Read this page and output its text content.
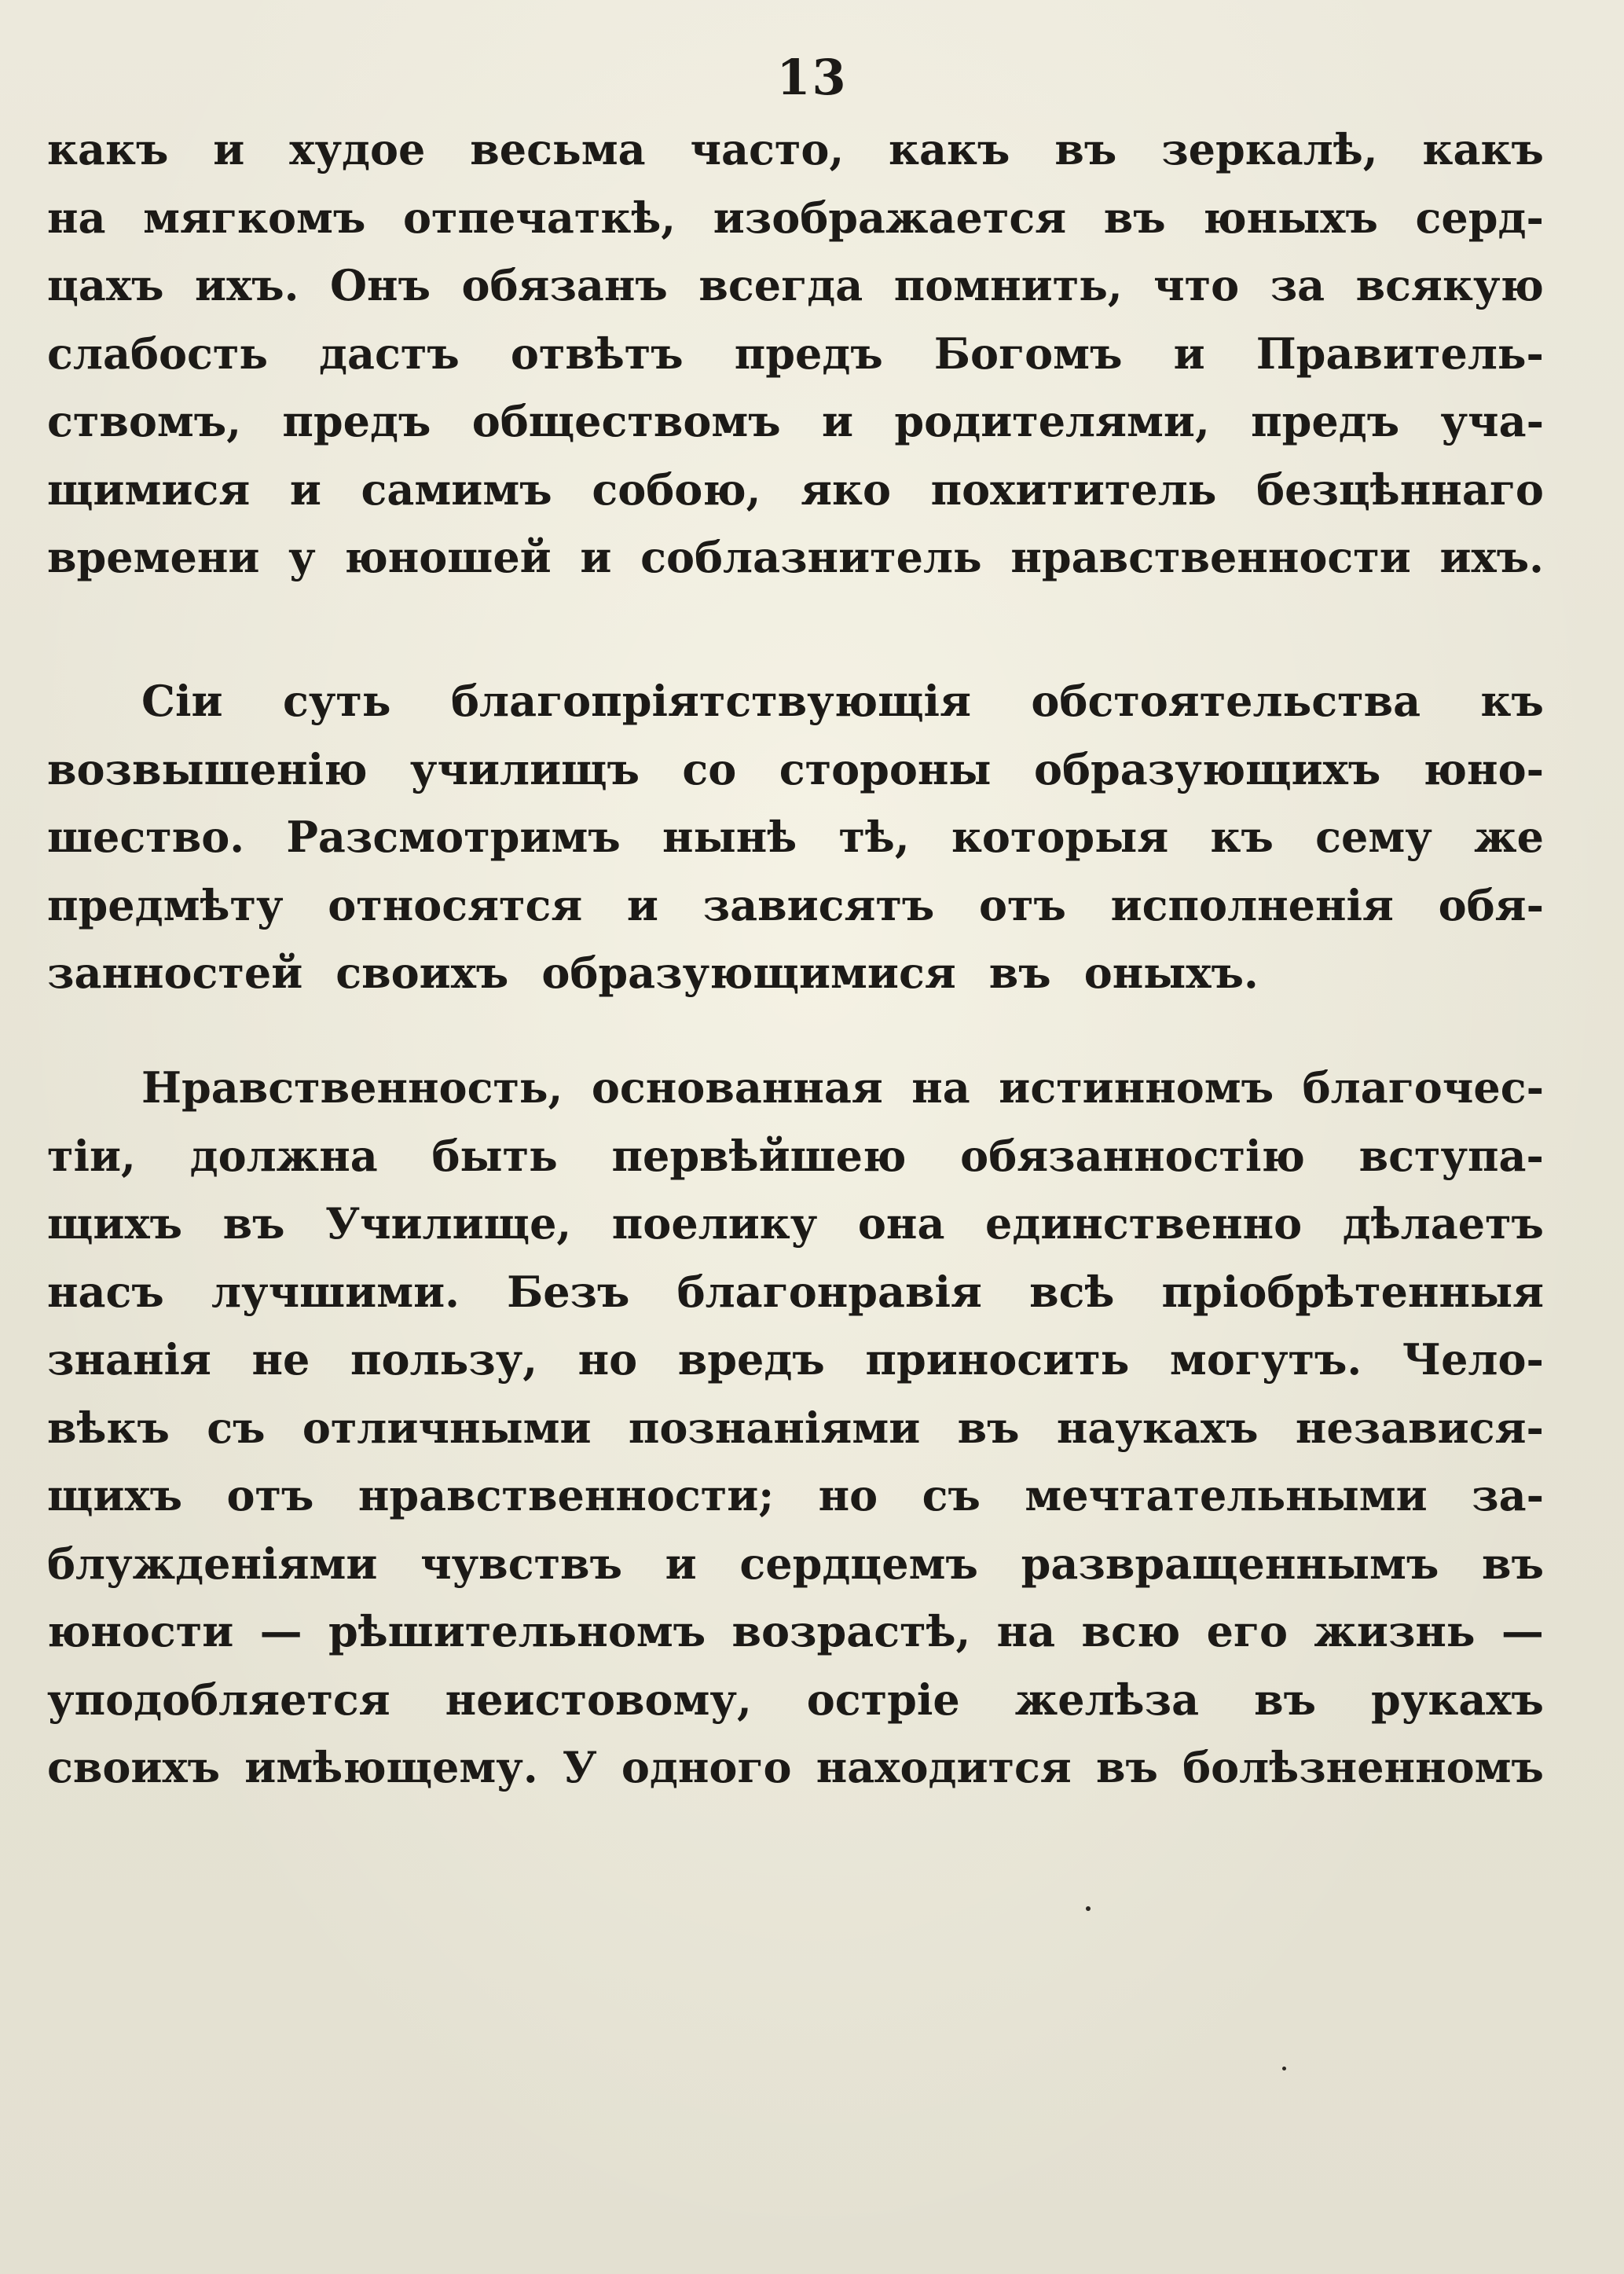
13
какъ и худое весьма часто, какъ въ зеркалѣ, какъ
на мягкомъ отпечаткѣ, изображается въ юныхъ серд-
цахъ ихъ. Онъ обязанъ всегда помнить, что за всякую
слабость дастъ отвѣтъ предъ Богомъ и Правитель-
ствомъ, предъ обществомъ и родителями, предъ уча-
щимися и самимъ собою, яко похититель безцѣннаго
времени у юношей и соблазнитель нравственности ихъ.
Сіи суть благопріятствующія обстоятельства къ
возвышенію училищъ со стороны образующихъ юно-
шество. Разсмотримъ нынѣ тѣ, которыя къ сему же
предмѣту относятся и зависятъ отъ исполненія обя-
занностей своихъ образующимися въ оныхъ.
Нравственность, основанная на истинномъ благочес-
тіи, должна быть первѣйшею обязанностію вступа-
щихъ въ Училище, поелику она единственно дѣлаетъ
насъ лучшими. Безъ благонравія всѣ пріобрѣтенныя
знанія не пользу, но вредъ приносить могутъ. Чело-
вѣкъ съ отличными познаніями въ наукахъ независя-
щихъ отъ нравственности; но съ мечтательными за-
блужденіями чувствъ и сердцемъ развращеннымъ въ
юности — рѣшительномъ возрастѣ, на всю его жизнь —
уподобляется неистовому, остріе желѣза въ рукахъ
своихъ имѣющему. У одного находится въ болѣзненномъ
